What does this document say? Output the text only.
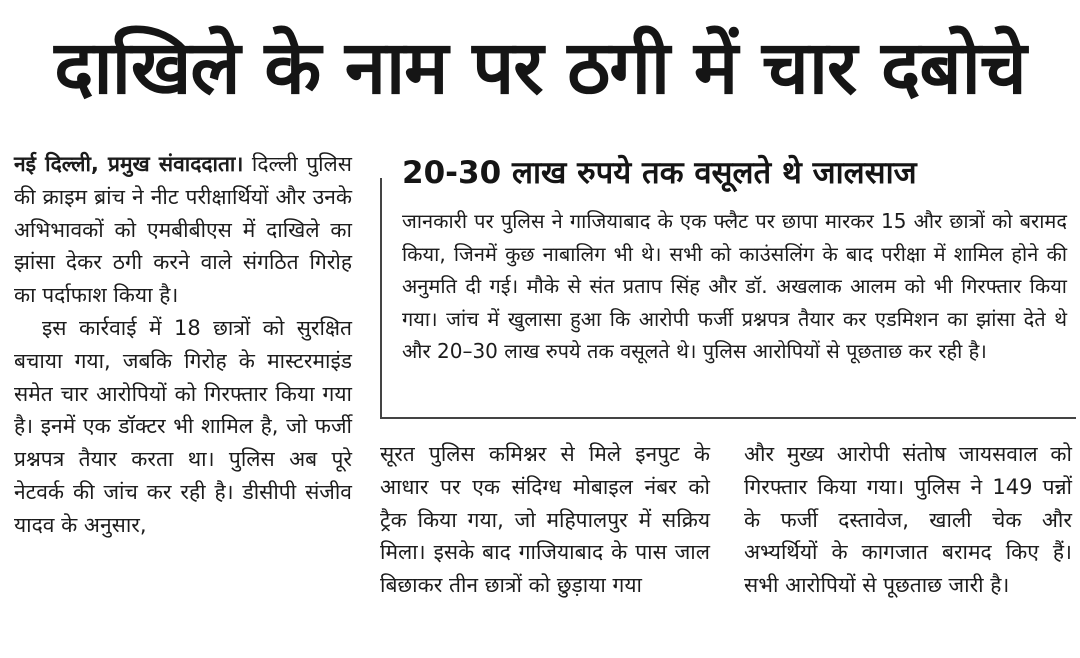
दाखिले के नाम पर ठगी में चार दबोचे

नई दिल्ली, प्रमुख संवाददाता। दिल्ली पुलिस की क्राइम ब्रांच ने नीट परीक्षार्थियों और उनके अभिभावकों को एमबीबीएस में दाखिले का झांसा देकर ठगी करने वाले संगठित गिरोह का पर्दाफाश किया है।

इस कार्रवाई में 18 छात्रों को सुरक्षित बचाया गया, जबकि गिरोह के मास्टरमाइंड समेत चार आरोपियों को गिरफ्तार किया गया है। इनमें एक डॉक्टर भी शामिल है, जो फर्जी प्रश्नपत्र तैयार करता था। पुलिस अब पूरे नेटवर्क की जांच कर रही है। डीसीपी संजीव यादव के अनुसार,

20-30 लाख रुपये तक वसूलते थे जालसाज
जानकारी पर पुलिस ने गाजियाबाद के एक फ्लैट पर छापा मारकर 15 और छात्रों को बरामद किया, जिनमें कुछ नाबालिग भी थे। सभी को काउंसलिंग के बाद परीक्षा में शामिल होने की अनुमति दी गई। मौके से संत प्रताप सिंह और डॉ. अखलाक आलम को भी गिरफ्तार किया गया। जांच में खुलासा हुआ कि आरोपी फर्जी प्रश्नपत्र तैयार कर एडमिशन का झांसा देते थे और 20–30 लाख रुपये तक वसूलते थे। पुलिस आरोपियों से पूछताछ कर रही है।

सूरत पुलिस कमिश्नर से मिले इनपुट के आधार पर एक संदिग्ध मोबाइल नंबर को ट्रैक किया गया, जो महिपालपुर में सक्रिय मिला। इसके बाद गाजियाबाद के पास जाल बिछाकर तीन छात्रों को छुड़ाया गया

और मुख्य आरोपी संतोष जायसवाल को गिरफ्तार किया गया। पुलिस ने 149 पन्नों के फर्जी दस्तावेज, खाली चेक और अभ्यर्थियों के कागजात बरामद किए हैं। सभी आरोपियों से पूछताछ जारी है।
